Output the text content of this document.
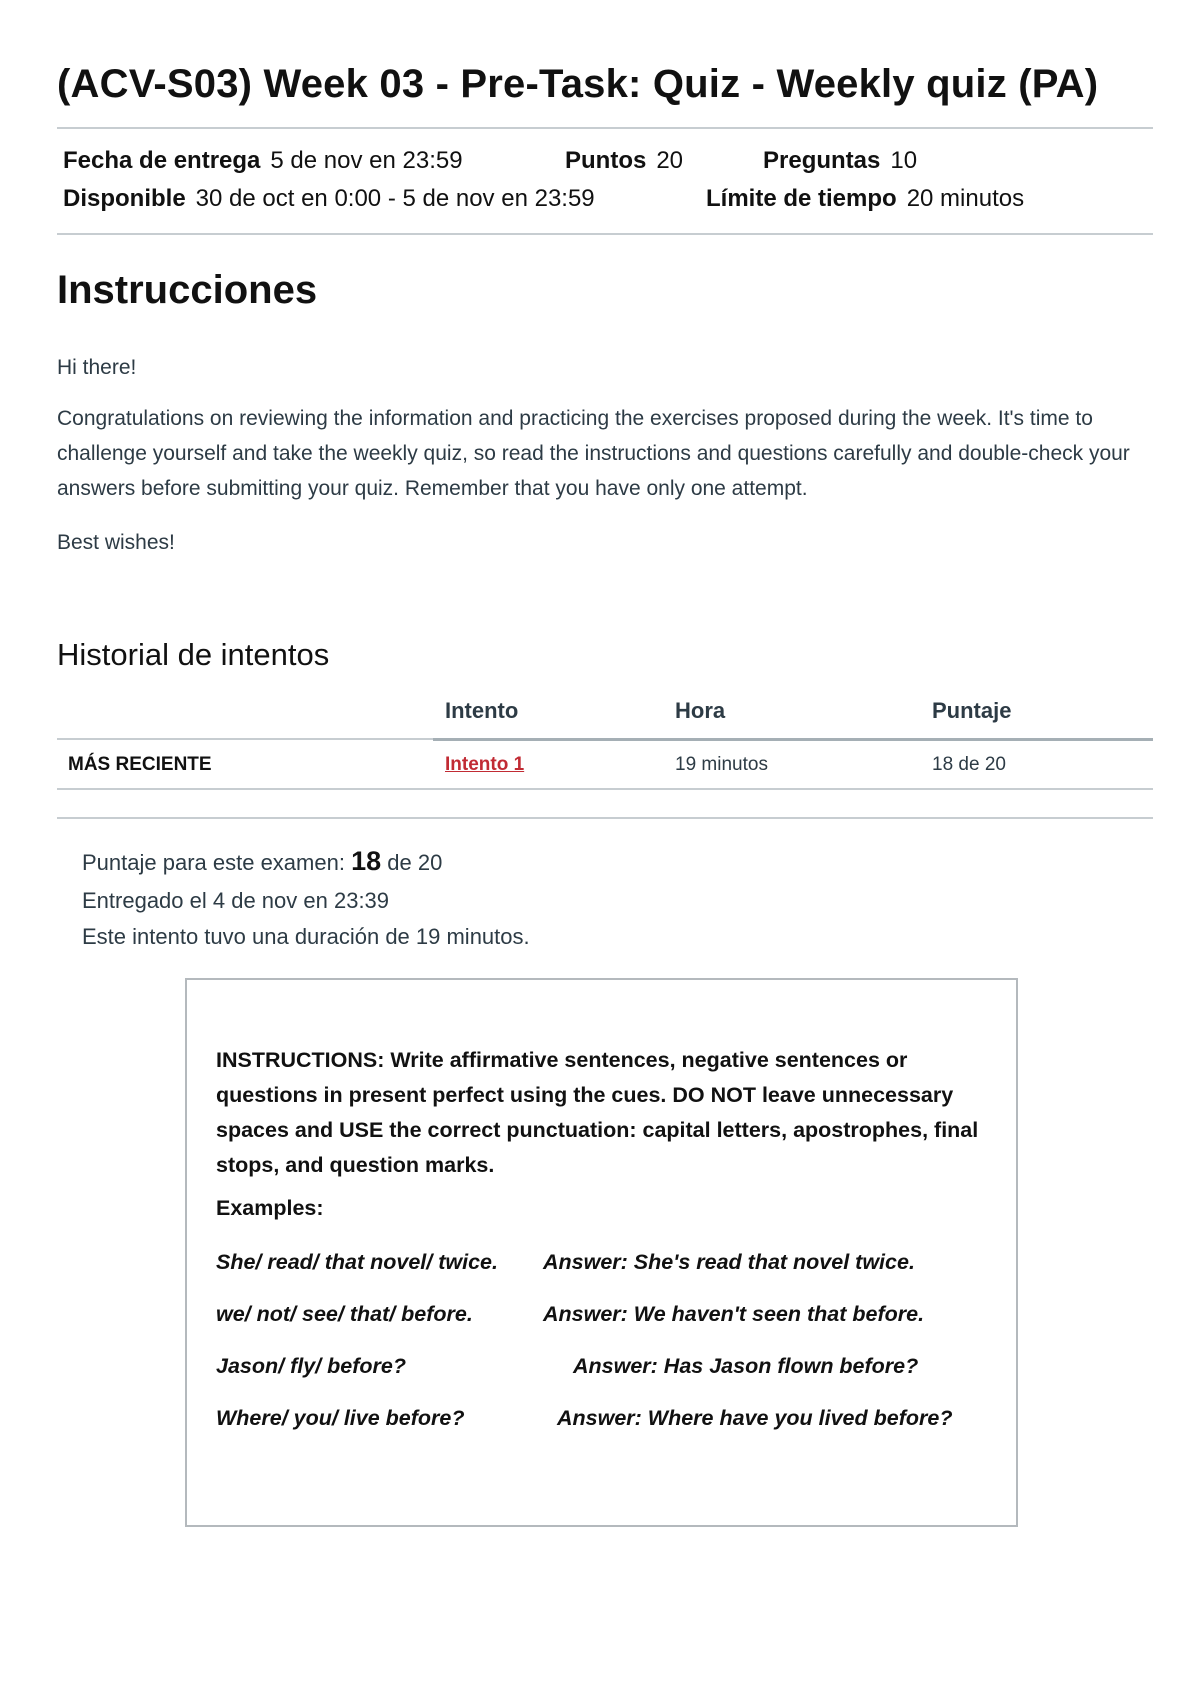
(ACV-S03) Week 03 - Pre-Task: Quiz - Weekly quiz (PA)
Fecha de entrega 5 de nov en 23:59	Puntos 20	Preguntas 10
Disponible 30 de oct en 0:00 - 5 de nov en 23:59	Límite de tiempo 20 minutos
Instrucciones

Hi there!

Congratulations on reviewing the information and practicing the exercises proposed during the week. It's time to challenge yourself and take the weekly quiz, so read the instructions and questions carefully and double-check your answers before submitting your quiz. Remember that you have only one attempt.

Best wishes!

Historial de intentos
Intento	Hora	Puntaje
MÁS RECIENTE	Intento 1	19 minutos	18 de 20
Puntaje para este examen: 18 de 20
Entregado el 4 de nov en 23:39
Este intento tuvo una duración de 19 minutos.

INSTRUCTIONS: Write affirmative sentences, negative sentences or questions in present perfect using the cues. DO NOT leave unnecessary spaces and USE the correct punctuation: capital letters, apostrophes, final stops, and question marks.

Examples:

She/ read/ that novel/ twice. Answer: She's read that novel twice.
we/ not/ see/ that/ before.	Answer: We haven't seen that before.
Jason/ fly/ before?	Answer: Has Jason flown before?
Where/ you/ live before?	Answer: Where have you lived before?
